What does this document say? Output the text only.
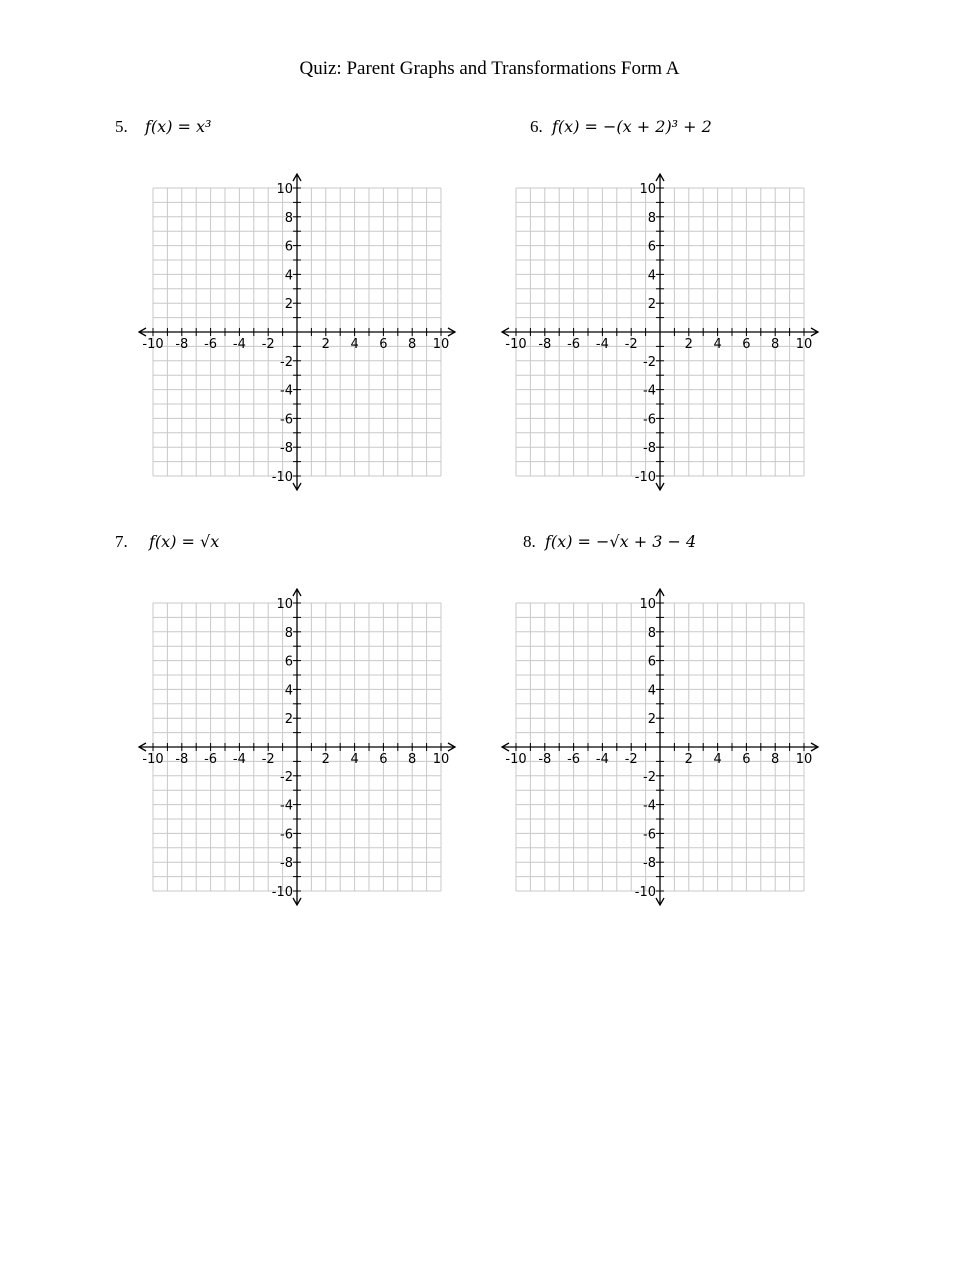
Quiz: Parent Graphs and Transformations Form A
5. f(x) = x³	6. f(x) = −(x + 2)³ + 2
7. f(x) = √x	8. f(x) = −√x + 3 − 4
-10 -8 -6 -4 -2	2 4 6 8 10
10
8
6
4
2
-2
-4
-6
-8
-10
-10 -8 -6 -4 -2	2 4 6 8 10
10
8
6
4
2
-2
-4
-6
-8
-10
-10 -8 -6 -4 -2	2 4 6 8 10
10
8
6
4
2
-2
-4
-6
-8
-10
-10 -8 -6 -4 -2	2 4 6 8 10
10
8
6
4
2
-2
-4
-6
-8
-10
